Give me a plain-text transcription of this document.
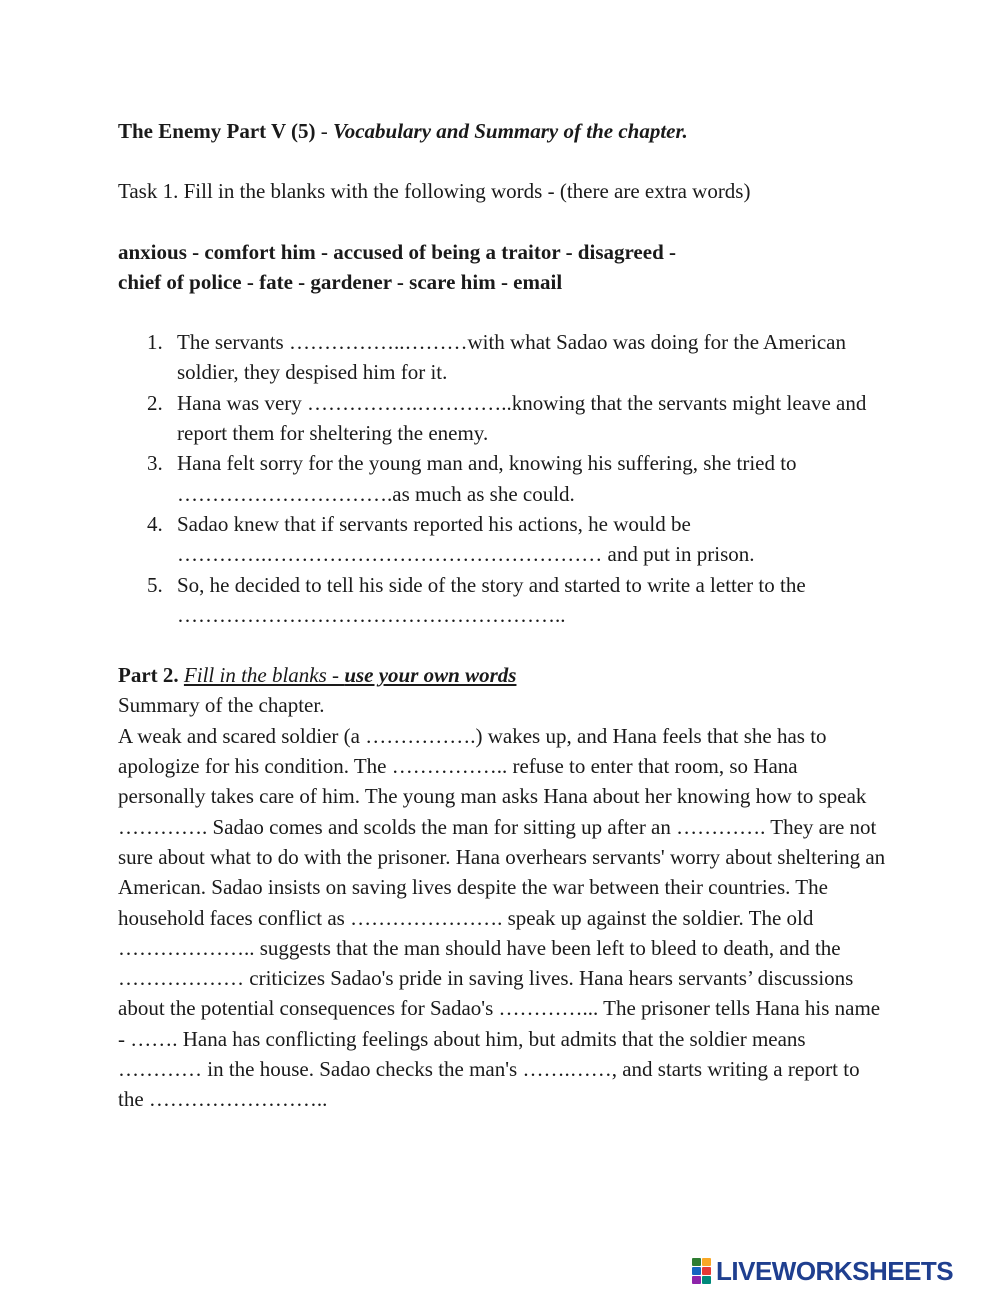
The Enemy Part V (5) - Vocabulary and Summary of the chapter.

Task 1. Fill in the blanks with the following words - (there are extra words)

anxious - comfort him - accused of being a traitor - disagreed -
chief of police - fate - gardener - scare him - email
1. The servants ……………..………with what Sadao was doing for the American soldier, they despised him for it.
2. Hana was very …………….…………..knowing that the servants might leave and report them for sheltering the enemy.
3. Hana felt sorry for the young man and, knowing his suffering, she tried to ………………………….as much as she could.
4. Sadao knew that if servants reported his actions, he would be ………….………………………………………… and put in prison.
5. So, he decided to tell his side of the story and started to write a letter to the ………………………………………………..
Part 2. Fill in the blanks - use your own words

Summary of the chapter.

A weak and scared soldier (a …………….) wakes up, and Hana feels that she has to apologize for his condition. The …………….. refuse to enter that room, so Hana personally takes care of him. The young man asks Hana about her knowing how to speak …………. Sadao comes and scolds the man for sitting up after an …………. They are not sure about what to do with the prisoner. Hana overhears servants' worry about sheltering an American. Sadao insists on saving lives despite the war between their countries. The household faces conflict as …………………. speak up against the soldier. The old ……………….. suggests that the man should have been left to bleed to death, and the ……………… criticizes Sadao's pride in saving lives. Hana hears servants’ discussions about the potential consequences for Sadao's …………... The prisoner tells Hana his name - ……. Hana has conflicting feelings about him, but admits that the soldier means ………… in the house. Sadao checks the man's …….……, and starts writing a report to the ……………………..

LIVEWORKSHEETS
